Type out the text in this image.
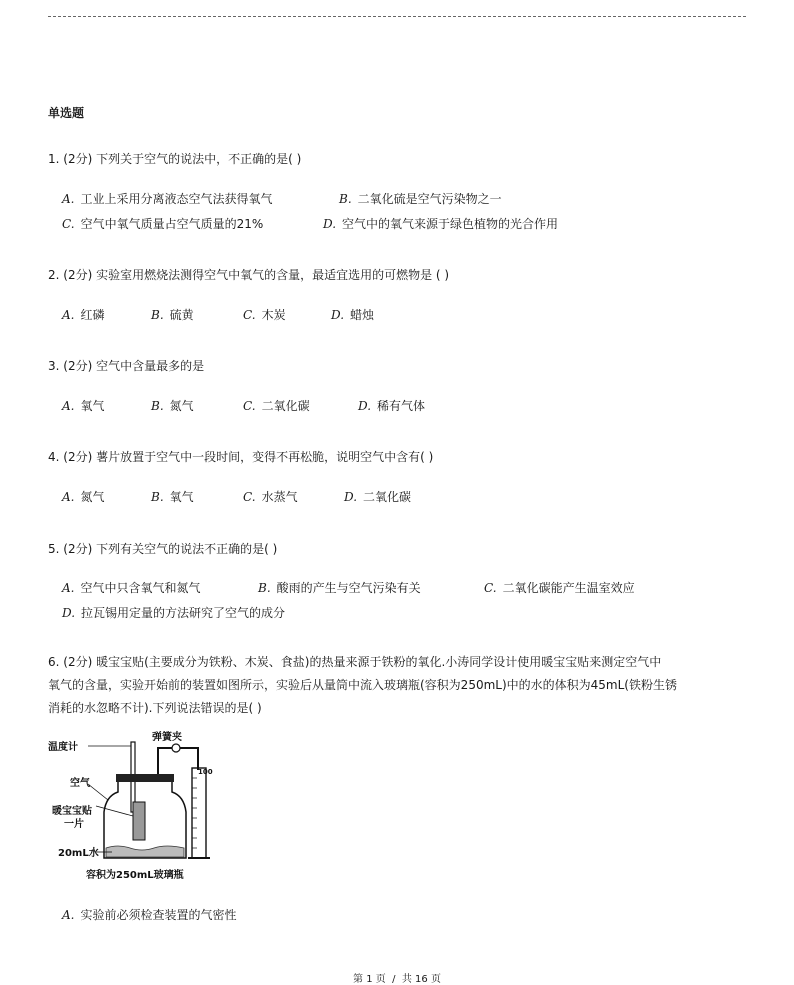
单选题
1. (2分) 下列关于空气的说法中，不正确的是( )
A. 工业上采用分离液态空气法获得氧气	B. 二氧化硫是空气污染物之一
C. 空气中氧气质量占空气质量的21%	D. 空气中的氧气来源于绿色植物的光合作用
2. (2分) 实验室用燃烧法测得空气中氧气的含量，最适宜选用的可燃物是 ( )
A. 红磷	B. 硫黄	C. 木炭	D. 蜡烛
3. (2分) 空气中含量最多的是
A. 氧气	B. 氮气	C. 二氧化碳	D. 稀有气体
4. (2分) 薯片放置于空气中一段时间，变得不再松脆，说明空气中含有( )
A. 氮气	B. 氧气	C. 水蒸气	D. 二氧化碳
5. (2分) 下列有关空气的说法不正确的是( )
A. 空气中只含氧气和氮气	B. 酸雨的产生与空气污染有关	C. 二氧化碳能产生温室效应
D. 拉瓦锡用定量的方法研究了空气的成分
6. (2分) 暖宝宝贴(主要成分为铁粉、木炭、食盐)的热量来源于铁粉的氧化.小涛同学设计使用暖宝宝贴来测定空气中
氧气的含量，实验开始前的装置如图所示，实验后从量筒中流入玻璃瓶(容积为250mL)中的水的体积为45mL(铁粉生锈
消耗的水忽略不计).下列说法错误的是( )
温度计
弹簧夹
空气
暖宝宝贴
一片
20mL水
容积为250mL玻璃瓶
100
A. 实验前必须检查装置的气密性
第 1 页 / 共 16 页
